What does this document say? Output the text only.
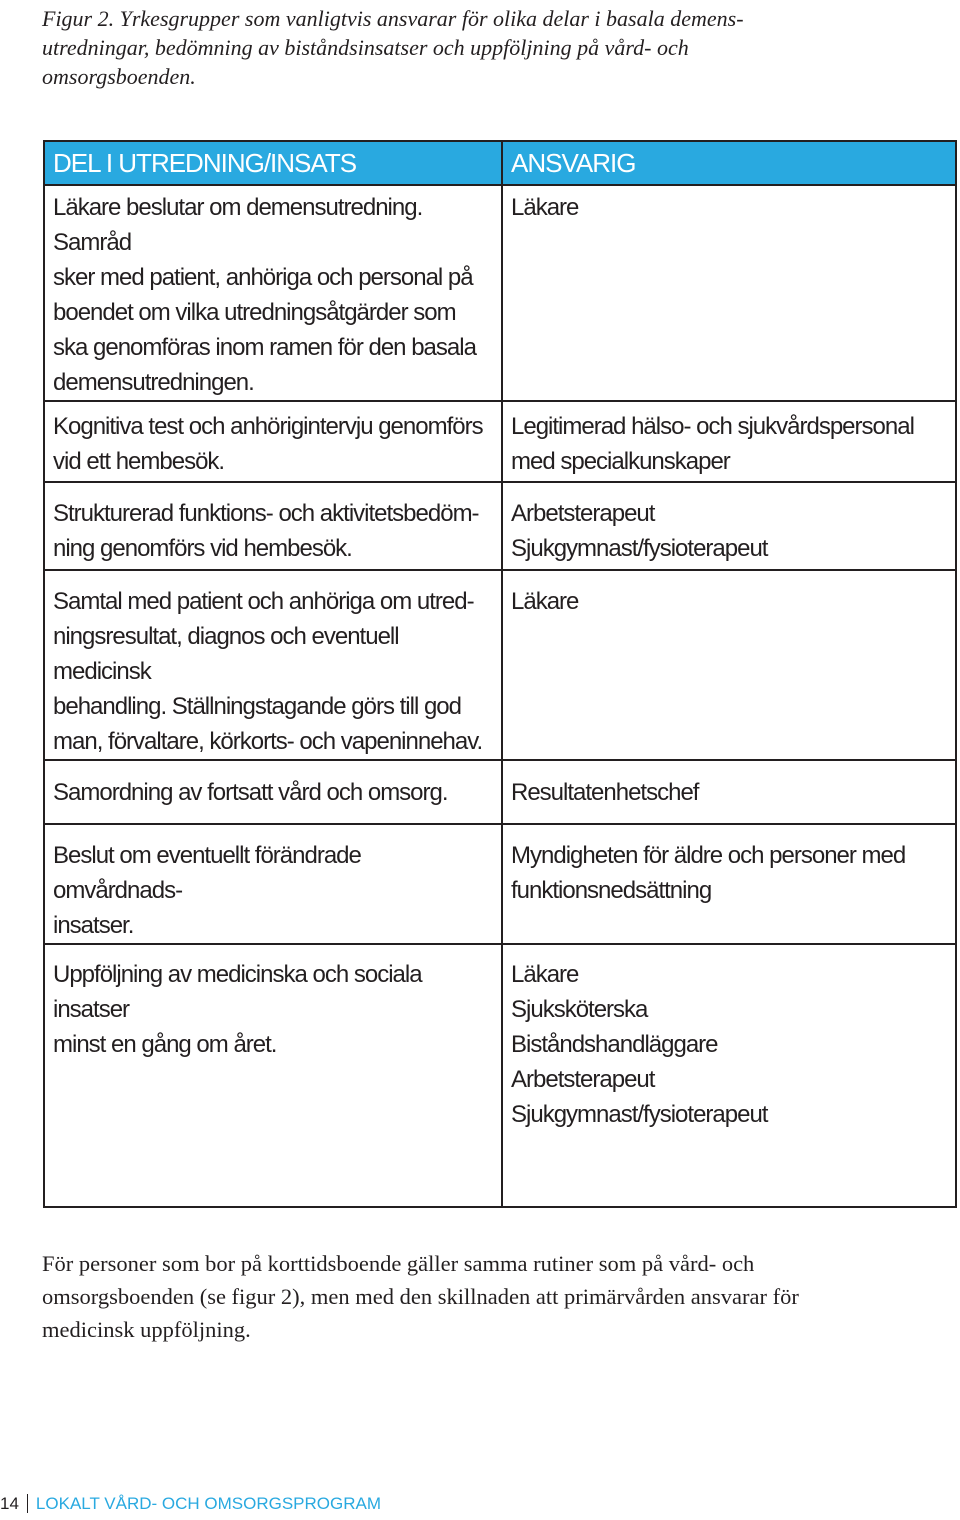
Figur 2. Yrkesgrupper som vanligtvis ansvarar för olika delar i basala demens-
utredningar, bedömning av biståndsinsatser och uppföljning på vård- och
omsorgsboenden.

DEL I UTREDNING/INSATS	ANSVARIG

Läkare beslutar om demensutredning. Samråd
sker med patient, anhöriga och personal på
boendet om vilka utredningsåtgärder som
ska genomföras inom ramen för den basala
demensutredningen.	Läkare

Kognitiva test och anhörigintervju genomförs
vid ett hembesök.	Legitimerad hälso- och sjukvårdspersonal
med specialkunskaper

Strukturerad funktions- och aktivitetsbedöm-
ning genomförs vid hembesök.	Arbetsterapeut
Sjukgymnast/fysioterapeut

Samtal med patient och anhöriga om utred-
ningsresultat, diagnos och eventuell medicinsk
behandling. Ställningstagande görs till god
man, förvaltare, körkorts- och vapeninnehav.	Läkare

Samordning av fortsatt vård och omsorg.	Resultatenhetschef

Beslut om eventuellt förändrade omvårdnads-
insatser.	Myndigheten för äldre och personer med
funktionsnedsättning

Uppföljning av medicinska och sociala insatser
minst en gång om året.	Läkare
Sjuksköterska
Biståndshandläggare
Arbetsterapeut
Sjukgymnast/fysioterapeut

För personer som bor på korttidsboende gäller samma rutiner som på vård- och
omsorgsboenden (se figur 2), men med den skillnaden att primärvården ansvarar för
medicinsk uppföljning.

14 LOKALT VÅRD- OCH OMSORGSPROGRAM
